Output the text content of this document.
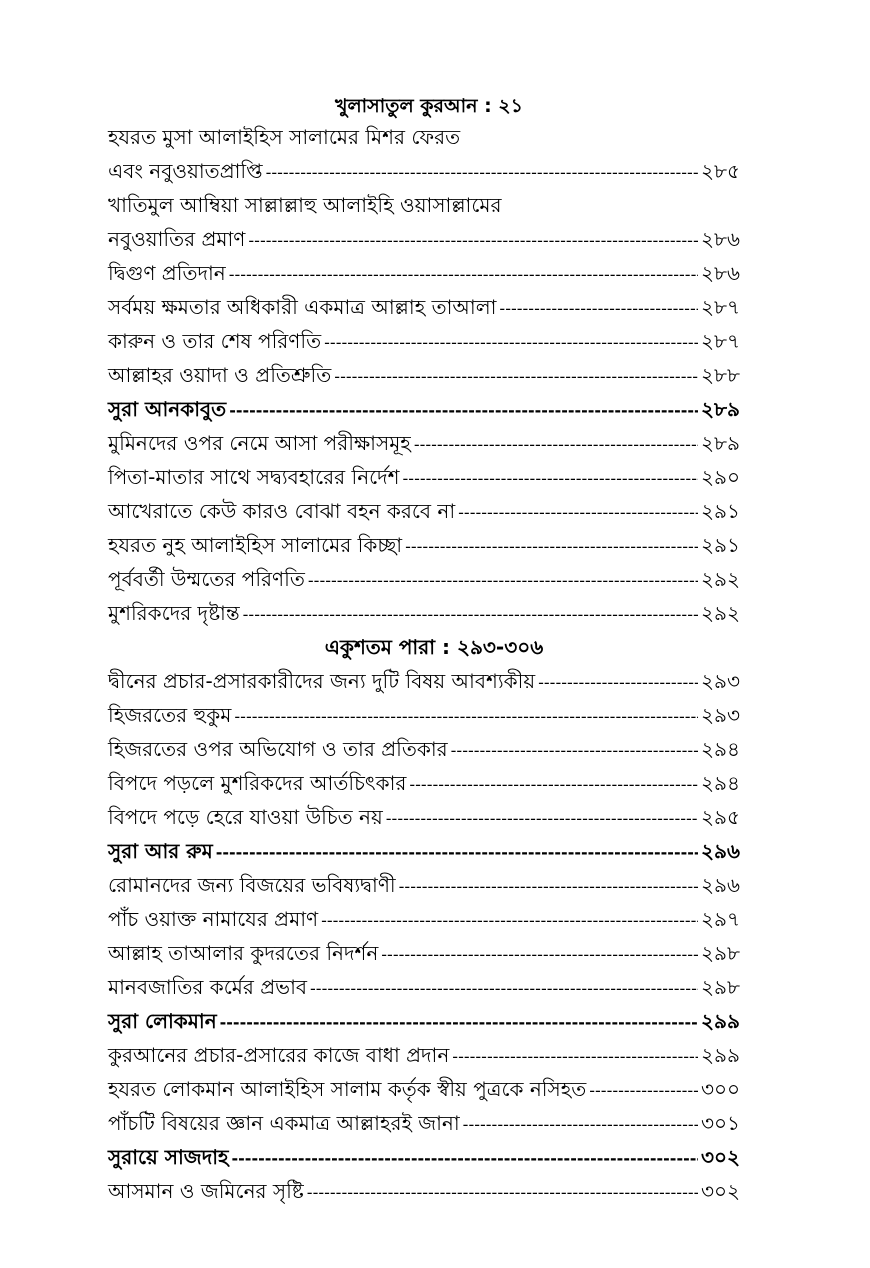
খুলাসাতুল কুরআন : ২১
হযরত মুসা আলাইহিস সালামের মিশর ফেরত
এবং নবুওয়াতপ্রাপ্তি -----	২৮৫
খাতিমুল আম্বিয়া সাল্লাল্লাহু আলাইহি ওয়াসাল্লামের
নবুওয়াতির প্রমাণ -----	২৮৬
দ্বিগুণ প্রতিদান -----	২৮৬
সর্বময় ক্ষমতার অধিকারী একমাত্র আল্লাহ তাআলা -----	২৮৭
কারুন ও তার শেষ পরিণতি -----	২৮৭
আল্লাহর ওয়াদা ও প্রতিশ্রুতি -----	২৮৮
সুরা আনকাবুত -----	২৮৯
মুমিনদের ওপর নেমে আসা পরীক্ষাসমূহ -----	২৮৯
পিতা-মাতার সাথে সদ্ব্যবহারের নির্দেশ -----	২৯০
আখেরাতে কেউ কারও বোঝা বহন করবে না -----	২৯১
হযরত নুহ আলাইহিস সালামের কিচ্ছা -----	২৯১
পূর্ববর্তী উম্মতের পরিণতি -----	২৯২
মুশরিকদের দৃষ্টান্ত -----	২৯২
একুশতম পারা : ২৯৩-৩০৬
দ্বীনের প্রচার-প্রসারকারীদের জন্য দুটি বিষয় আবশ্যকীয় -----	২৯৩
হিজরতের হুকুম -----	২৯৩
হিজরতের ওপর অভিযোগ ও তার প্রতিকার -----	২৯৪
বিপদে পড়লে মুশরিকদের আর্তচিৎকার -----	২৯৪
বিপদে পড়ে হেরে যাওয়া উচিত নয় -----	২৯৫
সুরা আর রুম -----	২৯৬
রোমানদের জন্য বিজয়ের ভবিষ্যদ্বাণী -----	২৯৬
পাঁচ ওয়াক্ত নামাযের প্রমাণ -----	২৯৭
আল্লাহ তাআলার কুদরতের নিদর্শন -----	২৯৮
মানবজাতির কর্মের প্রভাব -----	২৯৮
সুরা লোকমান -----	২৯৯
কুরআনের প্রচার-প্রসারের কাজে বাধা প্রদান -----	২৯৯
হযরত লোকমান আলাইহিস সালাম কর্তৃক স্বীয় পুত্রকে নসিহত -----	৩০০
পাঁচটি বিষয়ের জ্ঞান একমাত্র আল্লাহরই জানা -----	৩০১
সুরায়ে সাজদাহ -----	৩০২
আসমান ও জমিনের সৃষ্টি -----	৩০২
